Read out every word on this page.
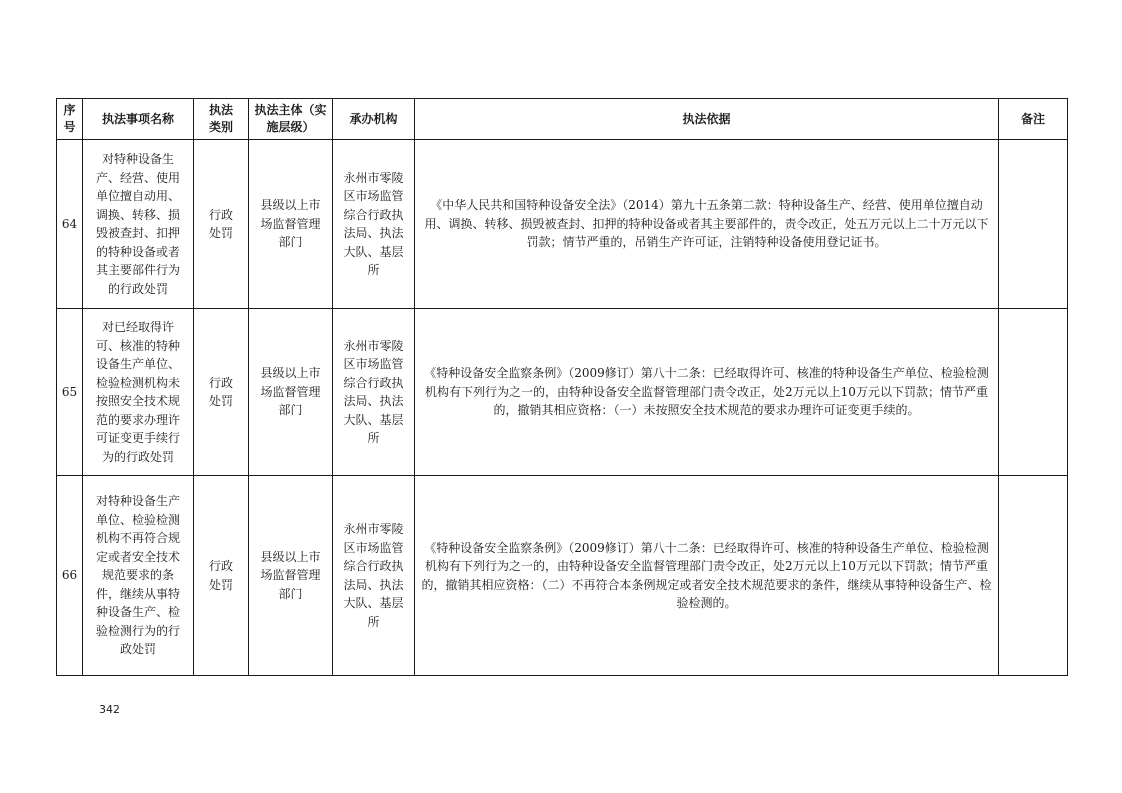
序号	执法事项名称	执法类别	执法主体（实施层级）	承办机构	执法依据	备注
64	对特种设备生产、经营、使用单位擅自动用、调换、转移、损毁被查封、扣押的特种设备或者其主要部件行为的行政处罚	行政处罚	县级以上市场监督管理部门	永州市零陵区市场监管综合行政执法局、执法大队、基层所	《中华人民共和国特种设备安全法》（2014）第九十五条第二款：特种设备生产、经营、使用单位擅自动用、调换、转移、损毁被查封、扣押的特种设备或者其主要部件的，责令改正，处五万元以上二十万元以下罚款；情节严重的，吊销生产许可证，注销特种设备使用登记证书。	
65	对已经取得许可、核准的特种设备生产单位、检验检测机构未按照安全技术规范的要求办理许可证变更手续行为的行政处罚	行政处罚	县级以上市场监督管理部门	永州市零陵区市场监管综合行政执法局、执法大队、基层所	《特种设备安全监察条例》（2009修订）第八十二条：已经取得许可、核准的特种设备生产单位、检验检测机构有下列行为之一的，由特种设备安全监督管理部门责令改正，处2万元以上10万元以下罚款；情节严重的，撤销其相应资格：（一）未按照安全技术规范的要求办理许可证变更手续的。	
66	对特种设备生产单位、检验检测机构不再符合规定或者安全技术规范要求的条件，继续从事特种设备生产、检验检测行为的行政处罚	行政处罚	县级以上市场监督管理部门	永州市零陵区市场监管综合行政执法局、执法大队、基层所	《特种设备安全监察条例》（2009修订）第八十二条：已经取得许可、核准的特种设备生产单位、检验检测机构有下列行为之一的，由特种设备安全监督管理部门责令改正，处2万元以上10万元以下罚款；情节严重的，撤销其相应资格：（二）不再符合本条例规定或者安全技术规范要求的条件，继续从事特种设备生产、检验检测的。	
342
